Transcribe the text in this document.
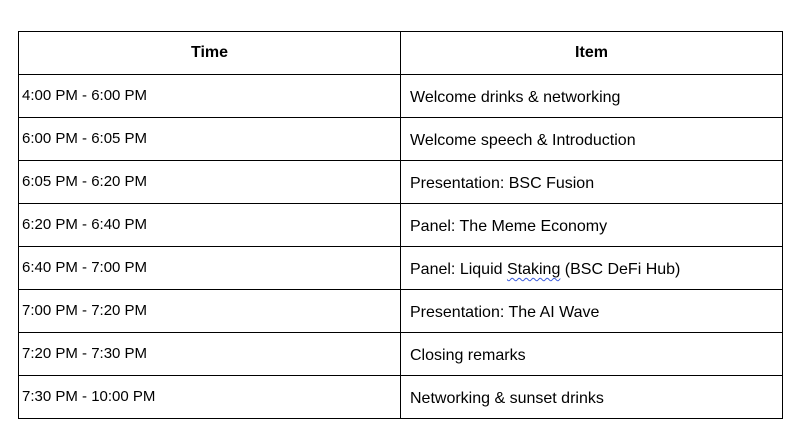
Time	Item

4:00 PM - 6:00 PM	Welcome drinks & networking

6:00 PM - 6:05 PM	Welcome speech & Introduction

6:05 PM - 6:20 PM	Presentation: BSC Fusion

6:20 PM - 6:40 PM	Panel: The Meme Economy

6:40 PM - 7:00 PM	Panel: Liquid Staking (BSC DeFi Hub)

7:00 PM - 7:20 PM	Presentation: The AI Wave

7:20 PM - 7:30 PM	Closing remarks

7:30 PM - 10:00 PM	Networking & sunset drinks
